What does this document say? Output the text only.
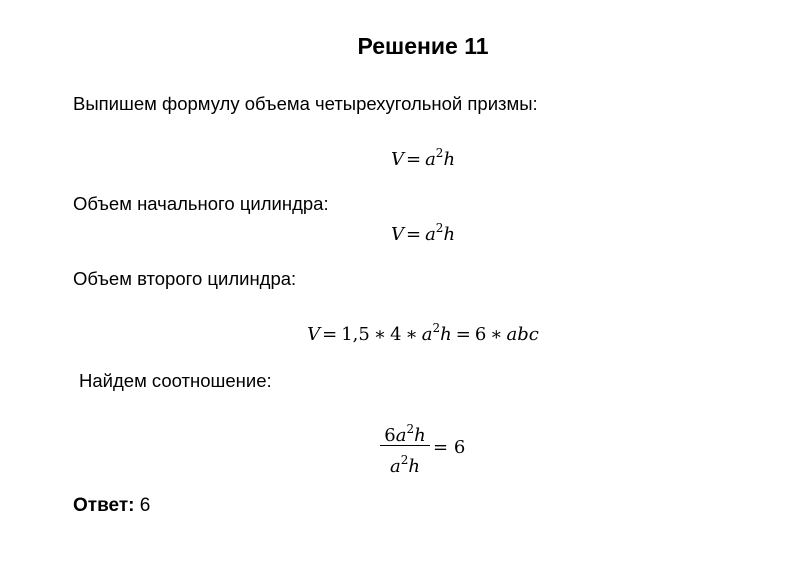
Решение 11
Выпишем формулу объема четырехугольной призмы:
$V = a^2h$
Объем начального цилиндра:
$V = a^2h$
Объем второго цилиндра:
V = 1,5 ∗ 4 ∗ $a^2h = 6$ ∗ abc
Найдем соотношение:
$6a^2h$
$a^2h$
= 6
Ответ: 6
